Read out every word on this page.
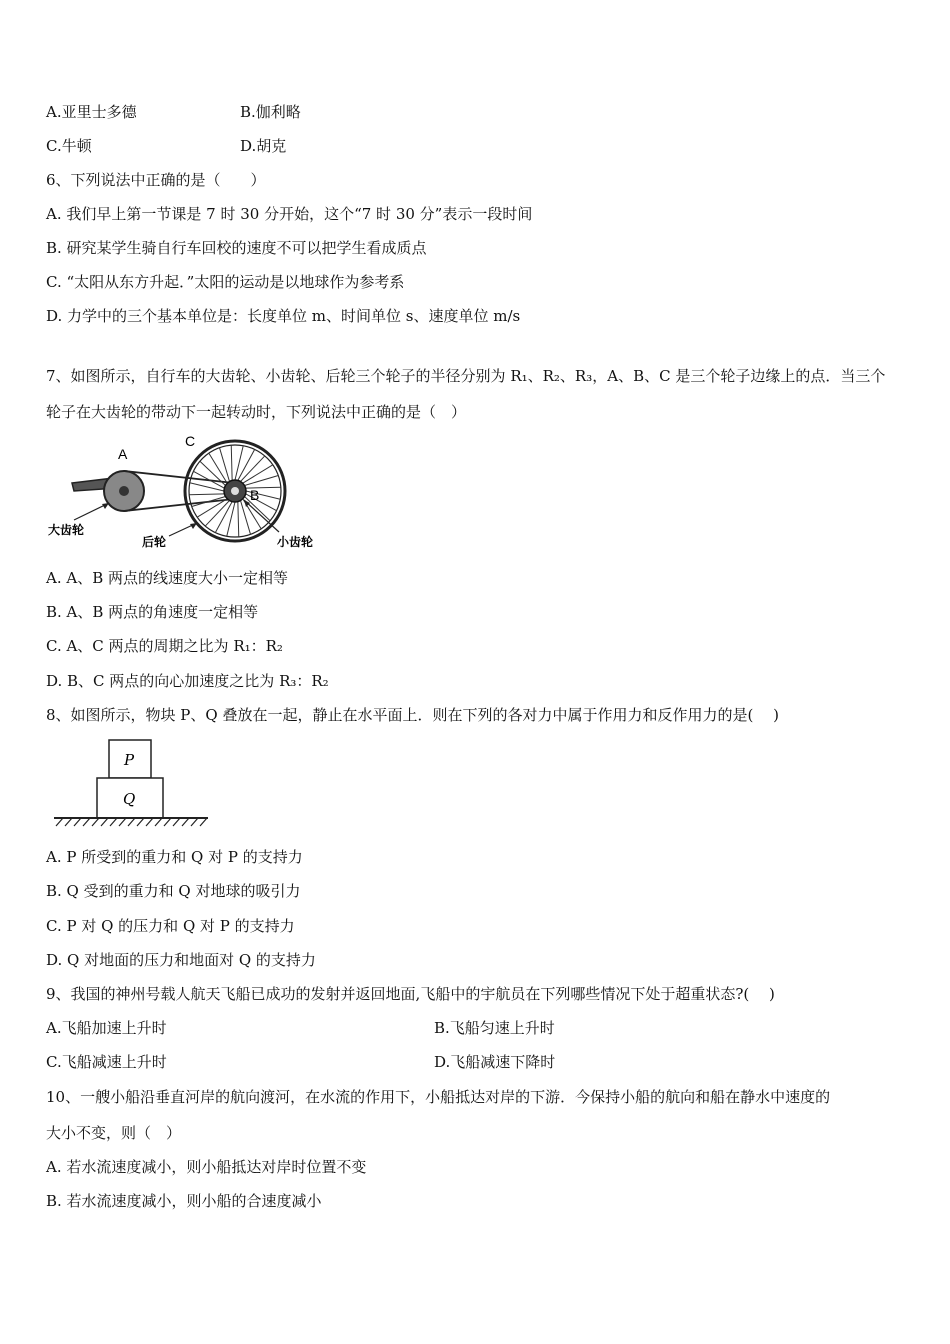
A.亚里士多德	B.伽利略
C.牛顿	D.胡克
6、下列说法中正确的是（　　）
A. 我们早上第一节课是 7 时 30 分开始，这个“7 时 30 分”表示一段时间
B. 研究某学生骑自行车回校的速度不可以把学生看成质点
C. “太阳从东方升起．”太阳的运动是以地球作为参考系
D. 力学中的三个基本单位是：长度单位 m、时间单位 s、速度单位 m/s
7、如图所示，自行车的大齿轮、小齿轮、后轮三个轮子的半径分别为 R₁、R₂、R₃，A、B、C 是三个轮子边缘上的点．当三个
轮子在大齿轮的带动下一起转动时，下列说法中正确的是（　）
A
C
B
大齿轮
后轮	小齿轮
A. A、B 两点的线速度大小一定相等
B. A、B 两点的角速度一定相等
C. A、C 两点的周期之比为 R₁：R₂
D. B、C 两点的向心加速度之比为 R₃：R₂
8、如图所示，物块 P、Q 叠放在一起，静止在水平面上．则在下列的各对力中属于作用力和反作用力的是(　 )
P
Q
A. P 所受到的重力和 Q 对 P 的支持力
B. Q 受到的重力和 Q 对地球的吸引力
C. P 对 Q 的压力和 Q 对 P 的支持力
D. Q 对地面的压力和地面对 Q 的支持力
9、我国的神州号载人航天飞船已成功的发射并返回地面,飞船中的宇航员在下列哪些情况下处于超重状态?(　 )
A.飞船加速上升时	B.飞船匀速上升时
C.飞船减速上升时	D.飞船减速下降时
10、一艘小船沿垂直河岸的航向渡河，在水流的作用下，小船抵达对岸的下游．今保持小船的航向和船在静水中速度的
大小不变，则（　）
A. 若水流速度减小，则小船抵达对岸时位置不变
B. 若水流速度减小，则小船的合速度减小
